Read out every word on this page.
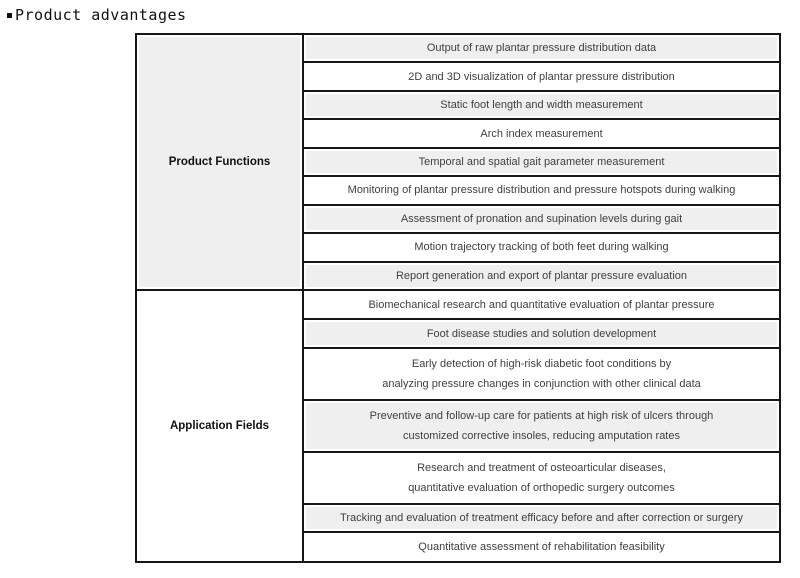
Product advantages
Product Functions
Output of raw plantar pressure distribution data
2D and 3D visualization of plantar pressure distribution
Static foot length and width measurement
Arch index measurement
Temporal and spatial gait parameter measurement
Monitoring of plantar pressure distribution and pressure hotspots during walking
Assessment of pronation and supination levels during gait
Motion trajectory tracking of both feet during walking
Report generation and export of plantar pressure evaluation
Application Fields
Biomechanical research and quantitative evaluation of plantar pressure
Foot disease studies and solution development
Early detection of high-risk diabetic foot conditions by
analyzing pressure changes in conjunction with other clinical data
Preventive and follow-up care for patients at high risk of ulcers through
customized corrective insoles, reducing amputation rates
Research and treatment of osteoarticular diseases,
quantitative evaluation of orthopedic surgery outcomes
Tracking and evaluation of treatment efficacy before and after correction or surgery
Quantitative assessment of rehabilitation feasibility
